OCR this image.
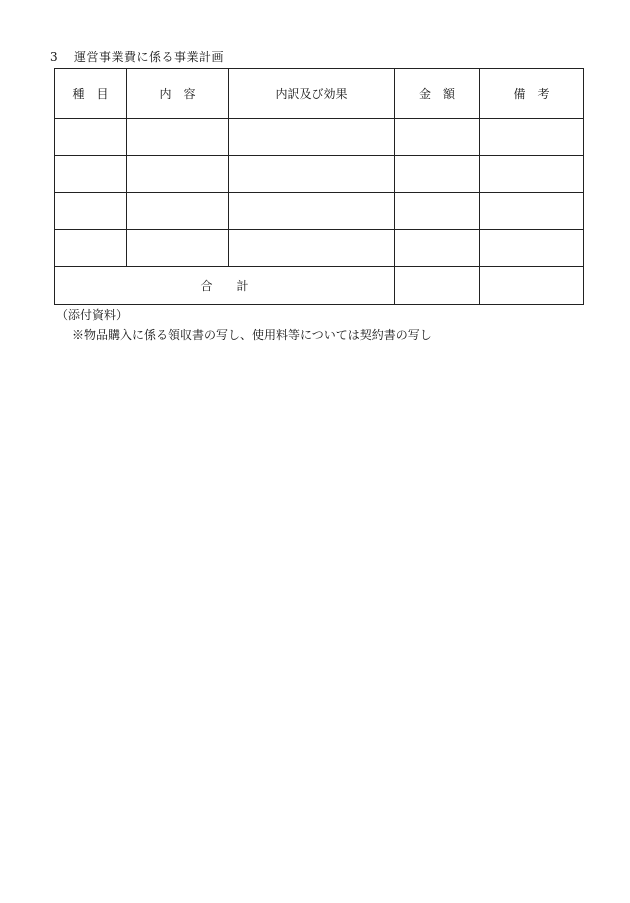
3 運営事業費に係る事業計画
種　目	内　容	内訳及び効果	金　額	備　考

合　　計				
（添付資料）
※物品購入に係る領収書の写し、使用料等については契約書の写し
